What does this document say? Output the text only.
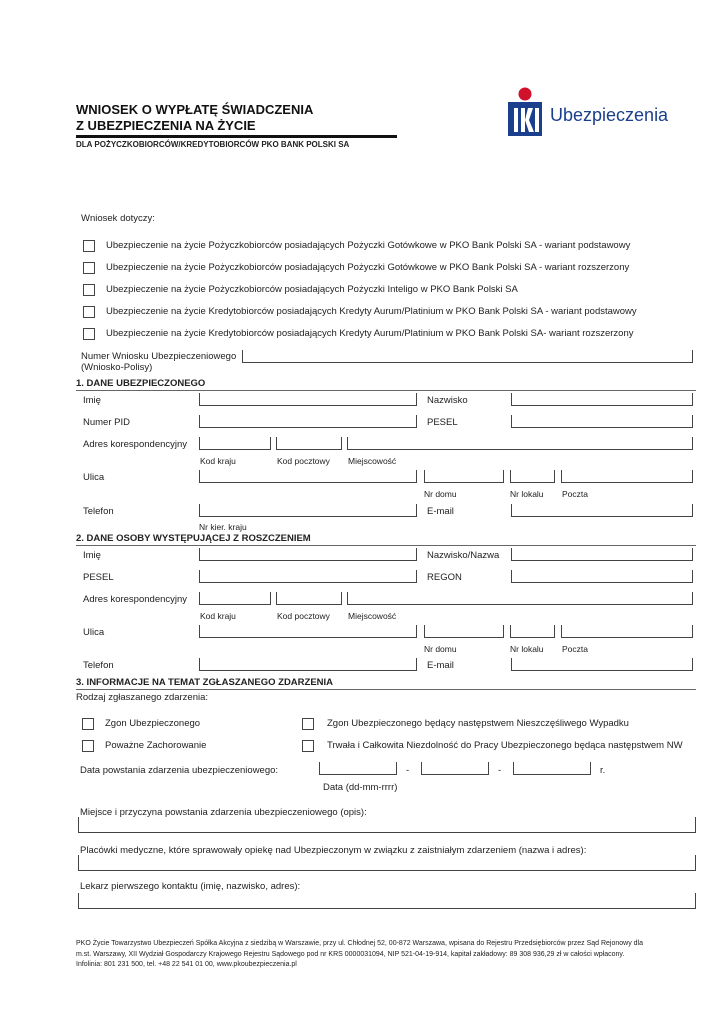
WNIOSEK O WYPŁATĘ ŚWIADCZENIA
Z UBEZPIECZENIA NA ŻYCIE
DLA POŻYCZKOBIORCÓW/KREDYTOBIORCÓW PKO BANK POLSKI SA
Ubezpieczenia
Wniosek dotyczy:
Ubezpieczenie na życie Pożyczkobiorców posiadających Pożyczki Gotówkowe w PKO Bank Polski SA - wariant podstawowy
Ubezpieczenie na życie Pożyczkobiorców posiadających Pożyczki Gotówkowe w PKO Bank Polski SA - wariant rozszerzony
Ubezpieczenie na życie Pożyczkobiorców posiadających Pożyczki Inteligo w PKO Bank Polski SA
Ubezpieczenie na życie Kredytobiorców posiadających Kredyty Aurum/Platinium w PKO Bank Polski SA - wariant podstawowy
Ubezpieczenie na życie Kredytobiorców posiadających Kredyty Aurum/Platinium w PKO Bank Polski SA- wariant rozszerzony
Numer Wniosku Ubezpieczeniowego
(Wniosko-Polisy)
1. DANE UBEZPIECZONEGO
Imię	Nazwisko
Numer PID	PESEL
Adres korespondencyjny
Kod kraju	Kod pocztowy Miejscowość
Ulica
Nr domu	Nr lokalu Poczta
Telefon	E-mail
Nr kier. kraju
2. DANE OSOBY WYSTĘPUJĄCEJ Z ROSZCZENIEM
Imię	Nazwisko/Nazwa
PESEL	REGON
Adres korespondencyjny
Kod kraju	Kod pocztowy Miejscowość
Ulica
Nr domu	Nr lokalu Poczta
Telefon	E-mail
3. INFORMACJE NA TEMAT ZGŁASZANEGO ZDARZENIA
Rodzaj zgłaszanego zdarzenia:
Zgon Ubezpieczonego	Zgon Ubezpieczonego będący następstwem Nieszczęśliwego Wypadku
Poważne Zachorowanie	Trwała i Całkowita Niezdolność do Pracy Ubezpieczonego będąca następstwem NW
Data powstania zdarzenia ubezpieczeniowego:	-	-	r.
Data (dd-mm-rrrr)
Miejsce i przyczyna powstania zdarzenia ubezpieczeniowego (opis):
Placówki medyczne, które sprawowały opiekę nad Ubezpieczonym w związku z zaistniałym zdarzeniem (nazwa i adres):
Lekarz pierwszego kontaktu (imię, nazwisko, adres):
PKO Życie Towarzystwo Ubezpieczeń Spółka Akcyjna z siedzibą w Warszawie, przy ul. Chłodnej 52, 00-872 Warszawa, wpisana do Rejestru Przedsiębiorców przez Sąd Rejonowy dla
m.st. Warszawy, XII Wydział Gospodarczy Krajowego Rejestru Sądowego pod nr KRS 0000031094, NIP 521-04-19-914, kapitał zakładowy: 89 308 936,29 zł w całości wpłacony.
Infolinia: 801 231 500, tel. +48 22 541 01 00, www.pkoubezpieczenia.pl
